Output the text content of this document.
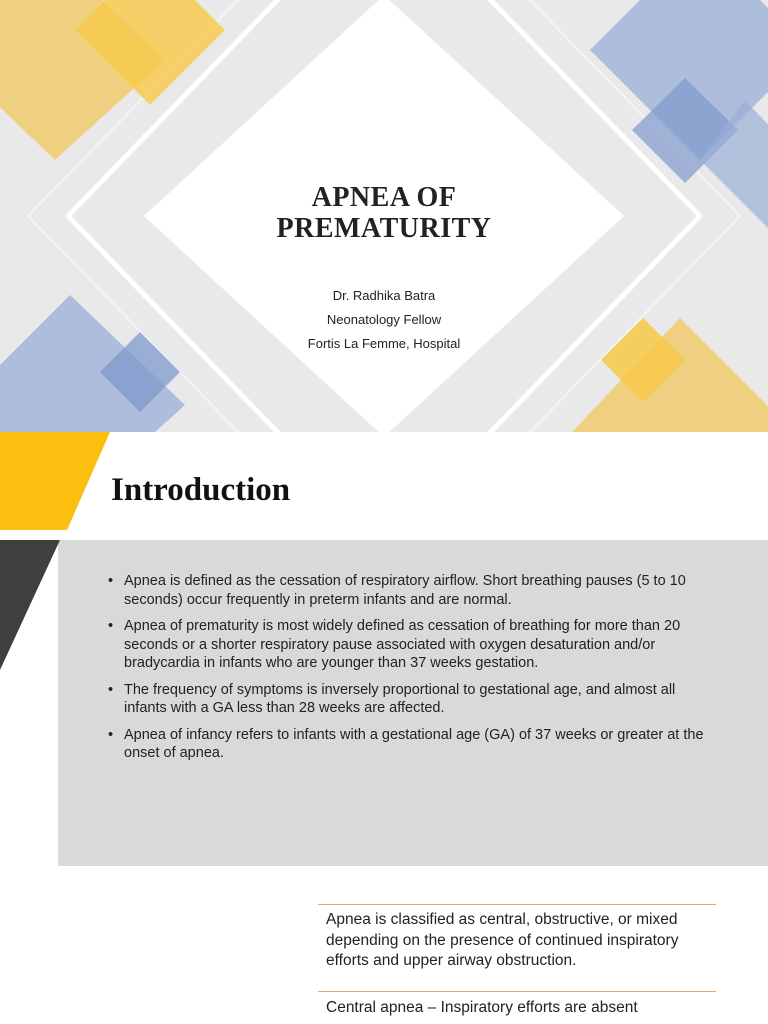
APNEA OF
PREMATURITY
Dr. Radhika Batra
Neonatology Fellow
Fortis La Femme, Hospital
Introduction
• Apnea is defined as the cessation of respiratory airflow. Short breathing pauses (5 to 10 seconds) occur frequently in preterm infants and are normal.
• Apnea of prematurity is most widely defined as cessation of breathing for more than 20 seconds or a shorter respiratory pause associated with oxygen desaturation and/or bradycardia in infants who are younger than 37 weeks gestation.
• The frequency of symptoms is inversely proportional to gestational age, and almost all infants with a GA less than 28 weeks are affected.
• Apnea of infancy refers to infants with a gestational age (GA) of 37 weeks or greater at the onset of apnea.
Apnea is classified as central, obstructive, or mixed depending on the presence of continued inspiratory efforts and upper airway obstruction.
Central apnea – Inspiratory efforts are absent
